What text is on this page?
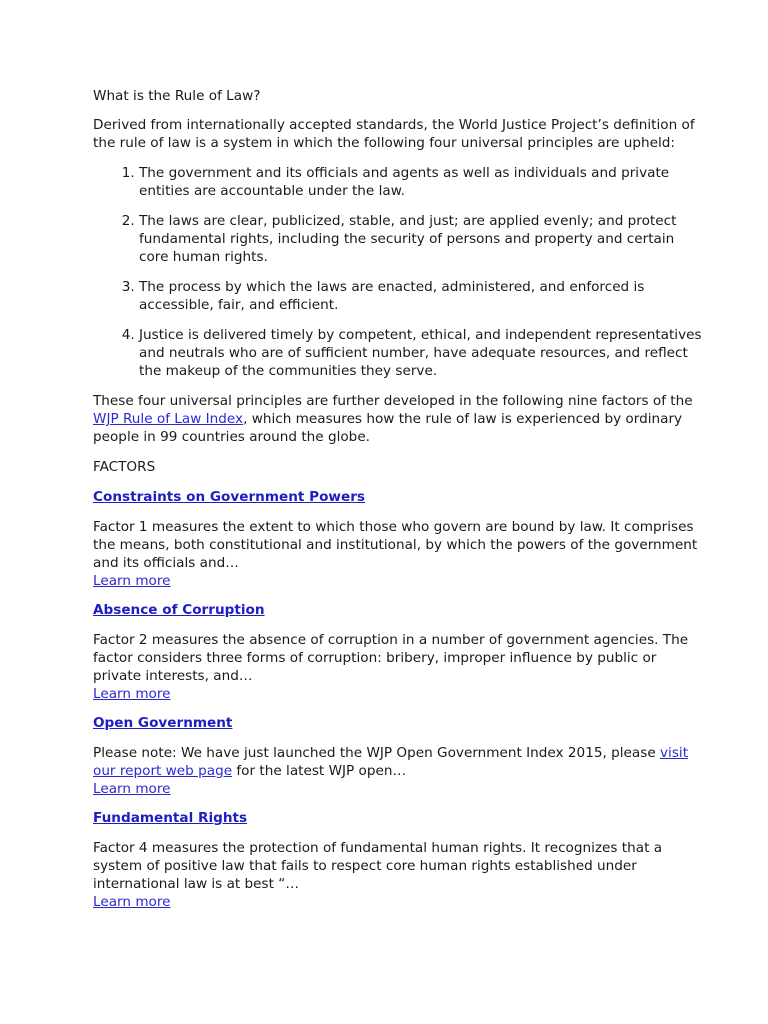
What is the Rule of Law?

Derived from internationally accepted standards, the World Justice Project’s definition of the rule of law is a system in which the following four universal principles are upheld:

1. The government and its officials and agents as well as individuals and private entities are accountable under the law.
2. The laws are clear, publicized, stable, and just; are applied evenly; and protect fundamental rights, including the security of persons and property and certain core human rights.
3. The process by which the laws are enacted, administered, and enforced is accessible, fair, and efficient.
4. Justice is delivered timely by competent, ethical, and independent representatives and neutrals who are of sufficient number, have adequate resources, and reflect the makeup of the communities they serve.

These four universal principles are further developed in the following nine factors of the WJP Rule of Law Index, which measures how the rule of law is experienced by ordinary people in 99 countries around the globe.

FACTORS

Constraints on Government Powers

Factor 1 measures the extent to which those who govern are bound by law. It comprises the means, both constitutional and institutional, by which the powers of the government and its officials and…

Learn more

Absence of Corruption

Factor 2 measures the absence of corruption in a number of government agencies. The factor considers three forms of corruption: bribery, improper influence by public or private interests, and…

Learn more

Open Government

Please note: We have just launched the WJP Open Government Index 2015, please visit our report web page for the latest WJP open…

Learn more

Fundamental Rights

Factor 4 measures the protection of fundamental human rights. It recognizes that a system of positive law that fails to respect core human rights established under international law is at best “…

Learn more
